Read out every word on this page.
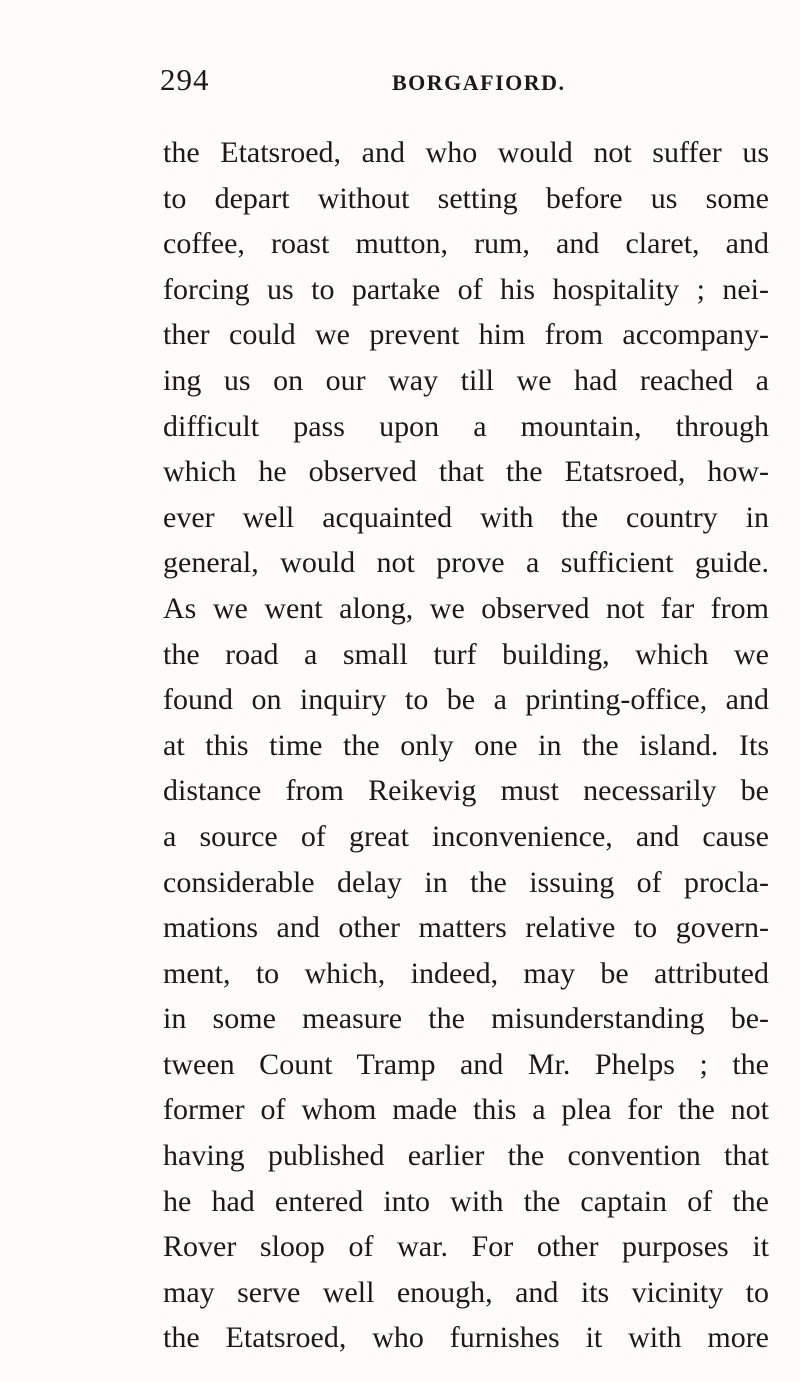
294	BORGAFIORD.
the Etatsroed, and who would not suffer us
to depart without setting before us some
coffee, roast mutton, rum, and claret, and
forcing us to partake of his hospitality ; nei-
ther could we prevent him from accompany-
ing us on our way till we had reached a
difficult pass upon a mountain, through
which he observed that the Etatsroed, how-
ever well acquainted with the country in
general, would not prove a sufficient guide.
As we went along, we observed not far from
the road a small turf building, which we
found on inquiry to be a printing-office, and
at this time the only one in the island. Its
distance from Reikevig must necessarily be
a source of great inconvenience, and cause
considerable delay in the issuing of procla-
mations and other matters relative to govern-
ment, to which, indeed, may be attributed
in some measure the misunderstanding be-
tween Count Tramp and Mr. Phelps ; the
former of whom made this a plea for the not
having published earlier the convention that
he had entered into with the captain of the
Rover sloop of war. For other purposes it
may serve well enough, and its vicinity to
the Etatsroed, who furnishes it with more
